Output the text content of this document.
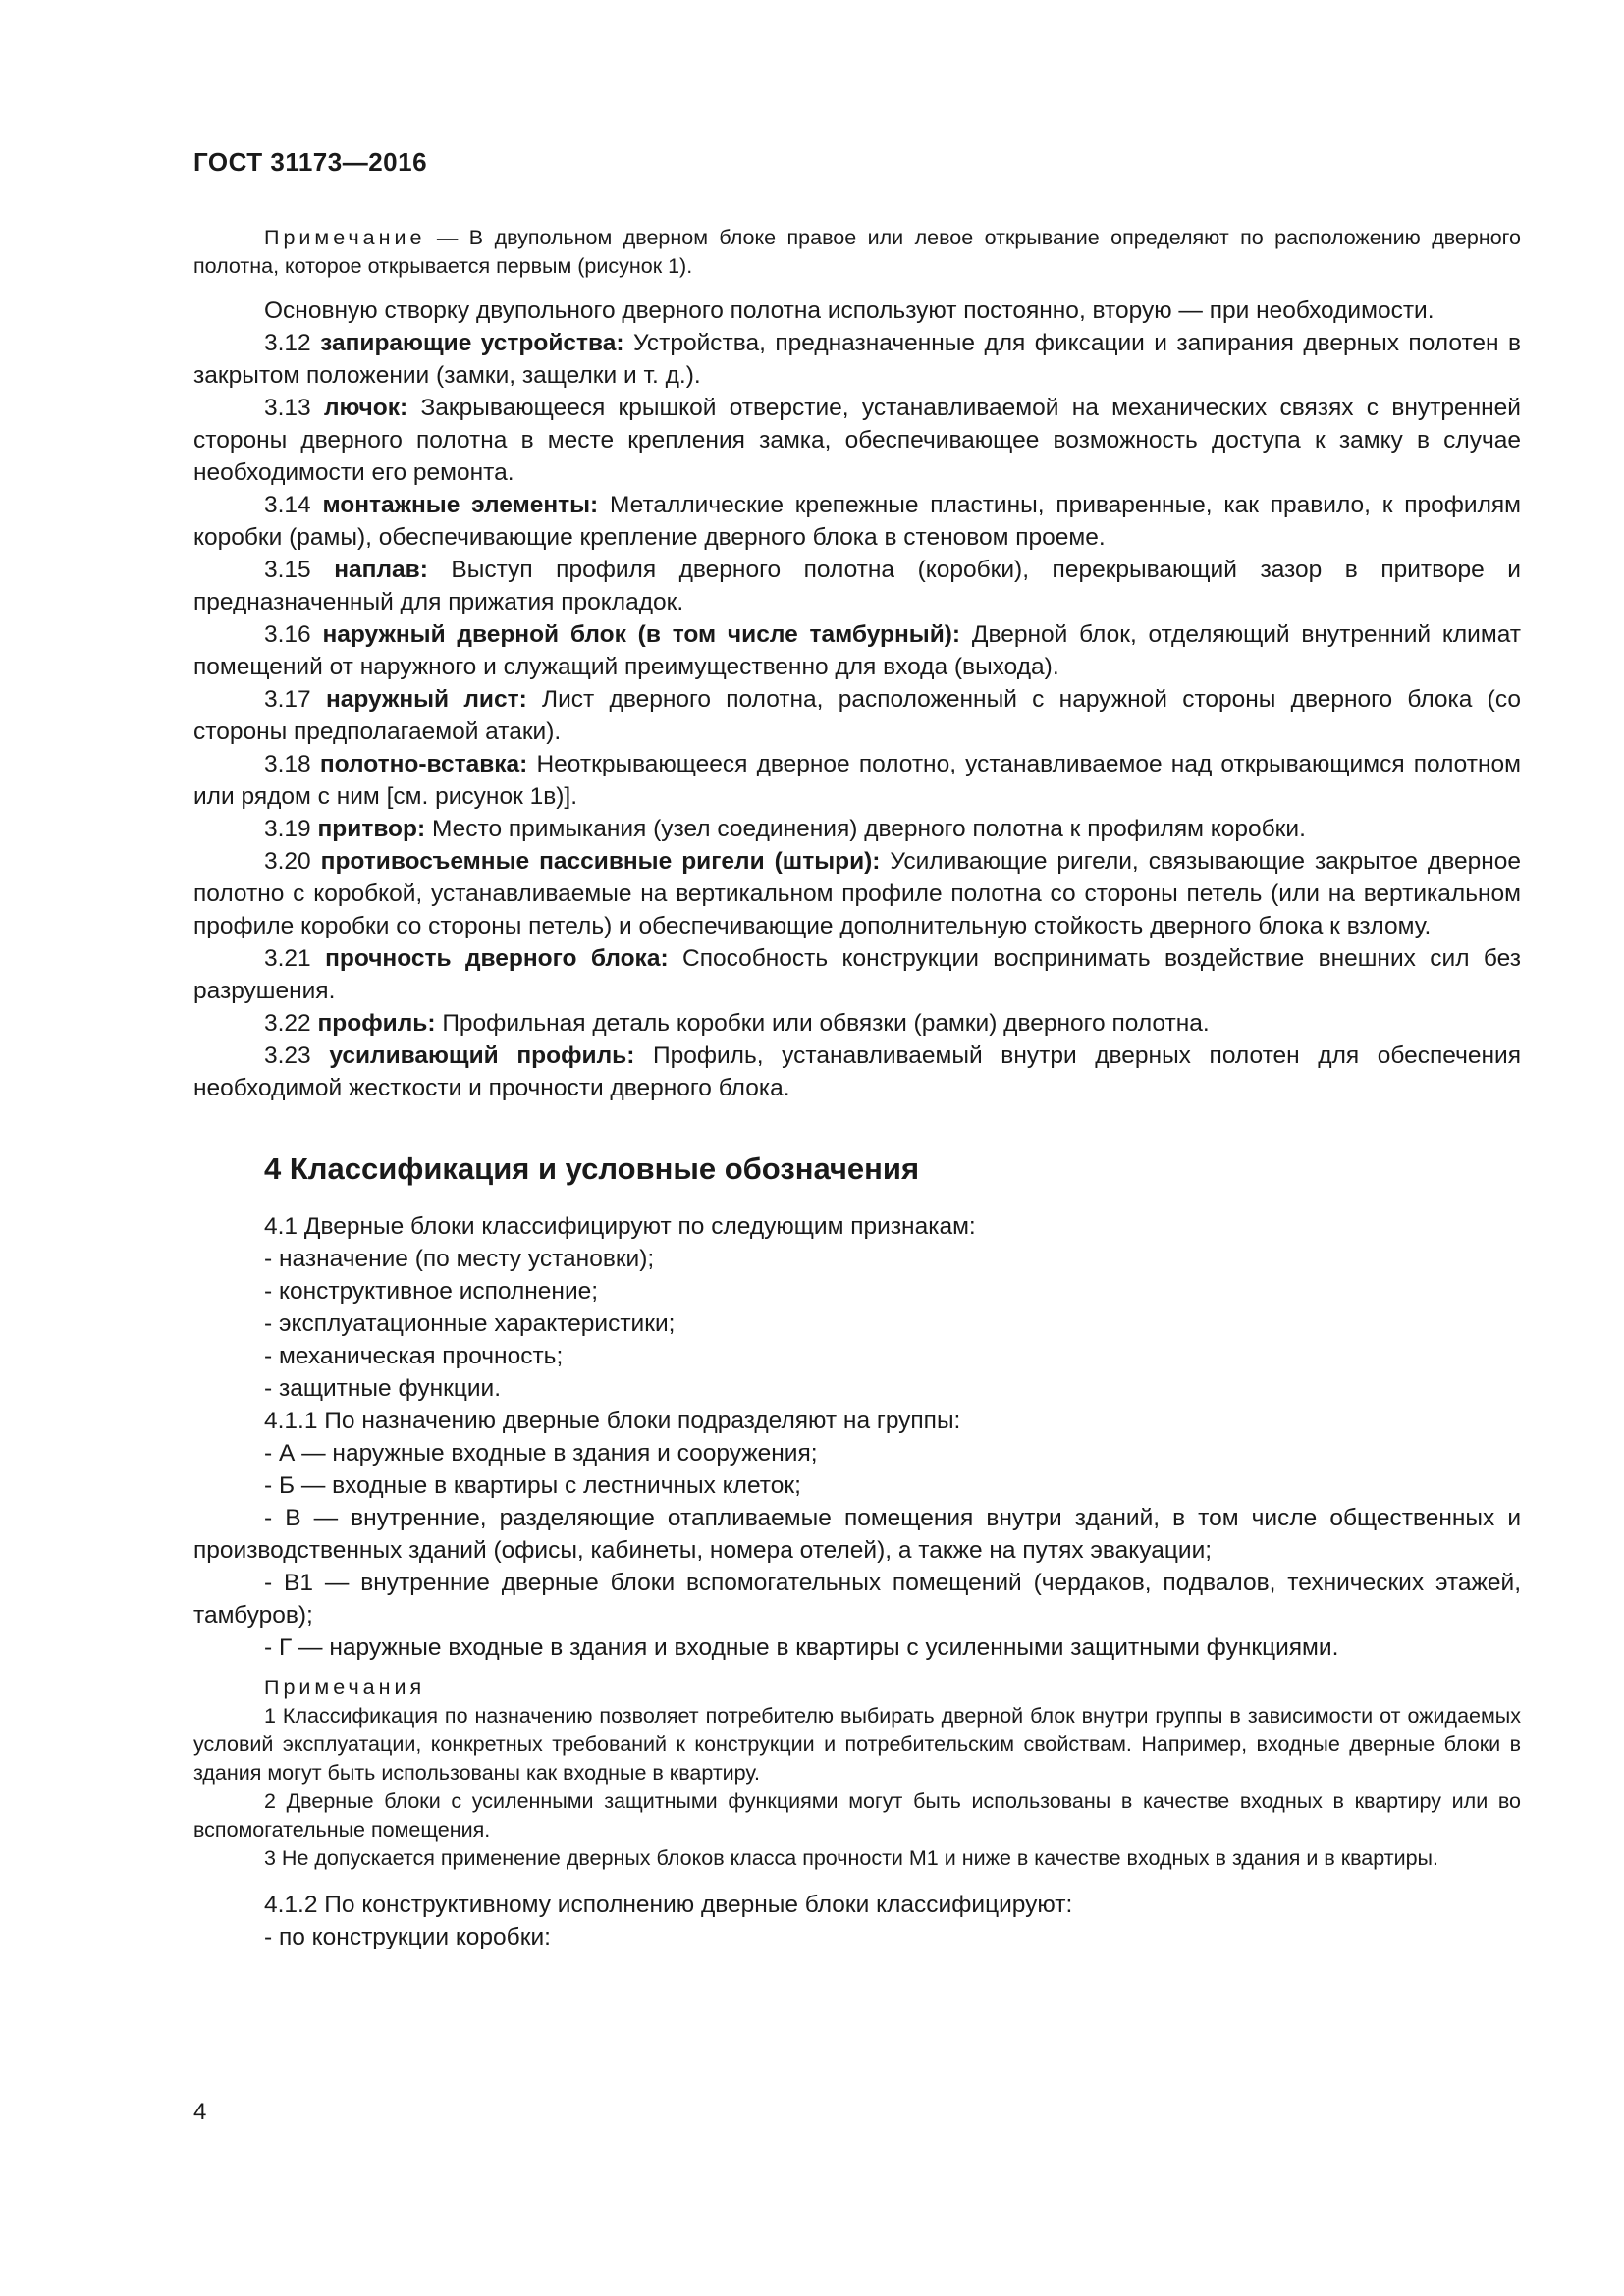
ГОСТ 31173—2016

Примечание — В двупольном дверном блоке правое или левое открывание определяют по расположению дверного полотна, которое открывается первым (рисунок 1).

Основную створку двупольного дверного полотна используют постоянно, вторую — при необходимости.

3.12 запирающие устройства: Устройства, предназначенные для фиксации и запирания дверных полотен в закрытом положении (замки, защелки и т. д.).

3.13 лючок: Закрывающееся крышкой отверстие, устанавливаемой на механических связях с внутренней стороны дверного полотна в месте крепления замка, обеспечивающее возможность доступа к замку в случае необходимости его ремонта.

3.14 монтажные элементы: Металлические крепежные пластины, приваренные, как правило, к профилям коробки (рамы), обеспечивающие крепление дверного блока в стеновом проеме.

3.15 наплав: Выступ профиля дверного полотна (коробки), перекрывающий зазор в притворе и предназначенный для прижатия прокладок.

3.16 наружный дверной блок (в том числе тамбурный): Дверной блок, отделяющий внутренний климат помещений от наружного и служащий преимущественно для входа (выхода).

3.17 наружный лист: Лист дверного полотна, расположенный с наружной стороны дверного блока (со стороны предполагаемой атаки).

3.18 полотно-вставка: Неоткрывающееся дверное полотно, устанавливаемое над открывающимся полотном или рядом с ним [см. рисунок 1в)].

3.19 притвор: Место примыкания (узел соединения) дверного полотна к профилям коробки.

3.20 противосъемные пассивные ригели (штыри): Усиливающие ригели, связывающие закрытое дверное полотно с коробкой, устанавливаемые на вертикальном профиле полотна со стороны петель (или на вертикальном профиле коробки со стороны петель) и обеспечивающие дополнительную стойкость дверного блока к взлому.

3.21 прочность дверного блока: Способность конструкции воспринимать воздействие внешних сил без разрушения.

3.22 профиль: Профильная деталь коробки или обвязки (рамки) дверного полотна.

3.23 усиливающий профиль: Профиль, устанавливаемый внутри дверных полотен для обеспечения необходимой жесткости и прочности дверного блока.

4 Классификация и условные обозначения

4.1 Дверные блоки классифицируют по следующим признакам:

- назначение (по месту установки);

- конструктивное исполнение;

- эксплуатационные характеристики;

- механическая прочность;

- защитные функции.

4.1.1 По назначению дверные блоки подразделяют на группы:

- А — наружные входные в здания и сооружения;

- Б — входные в квартиры с лестничных клеток;

- В — внутренние, разделяющие отапливаемые помещения внутри зданий, в том числе общественных и производственных зданий (офисы, кабинеты, номера отелей), а также на путях эвакуации;

- В1 — внутренние дверные блоки вспомогательных помещений (чердаков, подвалов, технических этажей, тамбуров);

- Г — наружные входные в здания и входные в квартиры с усиленными защитными функциями.

Примечания

1 Классификация по назначению позволяет потребителю выбирать дверной блок внутри группы в зависимости от ожидаемых условий эксплуатации, конкретных требований к конструкции и потребительским свойствам. Например, входные дверные блоки в здания могут быть использованы как входные в квартиру.

2 Дверные блоки с усиленными защитными функциями могут быть использованы в качестве входных в квартиру или во вспомогательные помещения.

3 Не допускается применение дверных блоков класса прочности М1 и ниже в качестве входных в здания и в квартиры.

4.1.2 По конструктивному исполнению дверные блоки классифицируют:

- по конструкции коробки:

4
